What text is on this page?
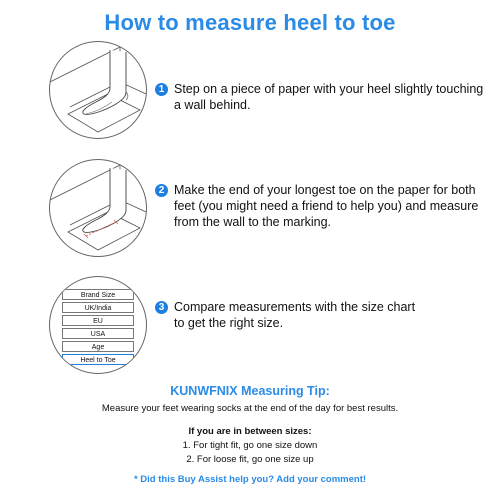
How to measure heel to toe
Brand Size
UK/India
EU
USA
Age
Heel to Toe
1 Step on a piece of paper with your heel slightly touching a wall behind.
2 Make the end of your longest toe on the paper for both feet (you might need a friend to help you) and measure from the wall to the marking.
3 Compare measurements with the size chart to get the right size.
KUNWFNIX Measuring Tip:
Measure your feet wearing socks at the end of the day for best results.
If you are in between sizes:
1. For tight fit, go one size down
2. For loose fit, go one size up
* Did this Buy Assist help you? Add your comment!
